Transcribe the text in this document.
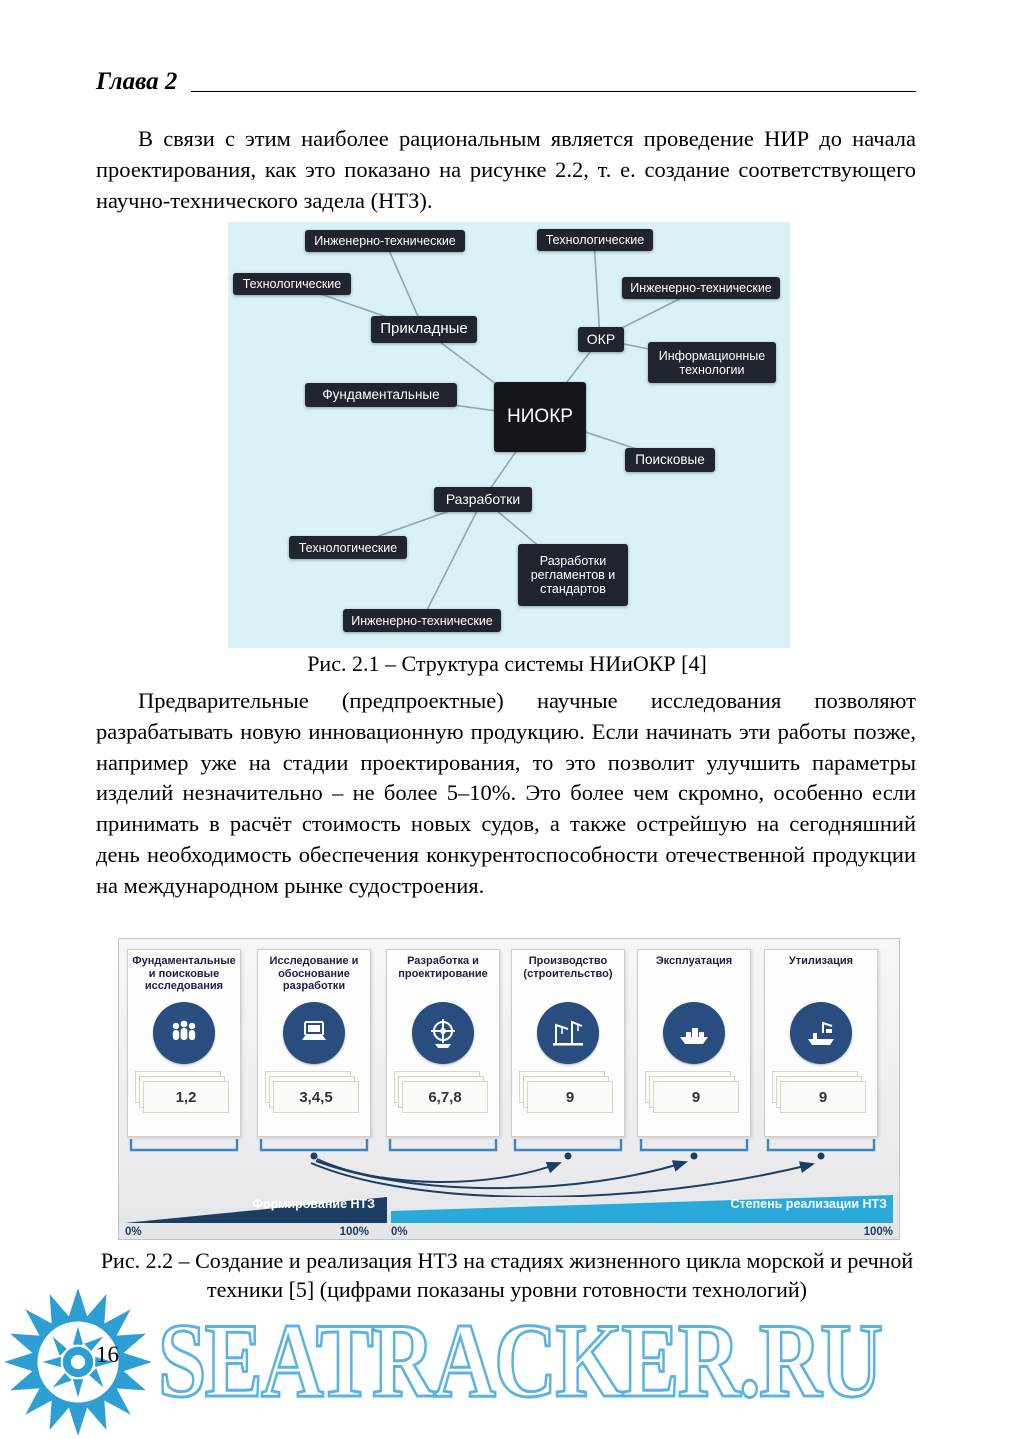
Глава 2
В связи с этим наиболее рациональным является проведение НИР до начала проектирования, как это показано на рисунке 2.2, т. е. создание соответствующего научно-технического задела (НТЗ).
Инженерно-технические	Технологические
Технологические	Инженерно-технические
Прикладные
ОКР
Информационные технологии
Фундаментальные
НИОКР
Поисковые
Разработки
Технологические
Разработки регламентов и стандартов
Инженерно-технические
Рис. 2.1 – Структура системы НИиОКР [4]
Предварительные (предпроектные) научные исследования позволяют разрабатывать новую инновационную продукцию. Если начинать эти работы позже, например уже на стадии проектирования, то это позволит улучшить параметры изделий незначительно – не более 5–10%. Это более чем скромно, особенно если принимать в расчёт стоимость новых судов, а также острейшую на сегодняшний день необходимость обеспечения конкурентоспособности отечественной продукции на международном рынке судостроения.
Фундаментальные и поисковые исследования
1,2
Исследование и обоснование разработки
3,4,5
Разработка и проектирование
6,7,8
Производство (строительство)
9
Эксплуатация
9
Утилизация
9
Формирование НТЗ	Степень реализации НТЗ
0%	100% 0%	100%
Рис. 2.2 – Создание и реализация НТЗ на стадиях жизненного цикла морской и речной техники [5] (цифрами показаны уровни готовности технологий)
16 SEATRACKER.RU
